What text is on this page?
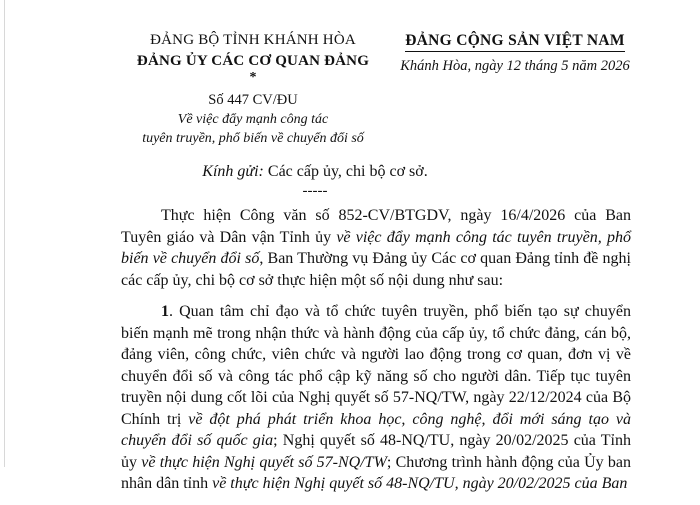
ĐẢNG BỘ TỈNH KHÁNH HÒA
ĐẢNG ỦY CÁC CƠ QUAN ĐẢNG
*
Số 447 CV/ĐU
Về việc đẩy mạnh công tác
tuyên truyền, phổ biến về chuyển đổi số
ĐẢNG CỘNG SẢN VIỆT NAM
Khánh Hòa, ngày 12 tháng 5 năm 2026
Kính gửi: Các cấp ủy, chi bộ cơ sở.
-----

Thực hiện Công văn số 852-CV/BTGDV, ngày 16/4/2026 của Ban Tuyên giáo và Dân vận Tỉnh ủy về việc đẩy mạnh công tác tuyên truyền, phổ biến về chuyển đổi số, Ban Thường vụ Đảng ủy Các cơ quan Đảng tỉnh đề nghị các cấp ủy, chi bộ cơ sở thực hiện một số nội dung như sau:

1. Quan tâm chỉ đạo và tổ chức tuyên truyền, phổ biến tạo sự chuyển biến mạnh mẽ trong nhận thức và hành động của cấp ủy, tổ chức đảng, cán bộ, đảng viên, công chức, viên chức và người lao động trong cơ quan, đơn vị về chuyển đổi số và công tác phổ cập kỹ năng số cho người dân. Tiếp tục tuyên truyền nội dung cốt lõi của Nghị quyết số 57-NQ/TW, ngày 22/12/2024 của Bộ Chính trị về đột phá phát triển khoa học, công nghệ, đổi mới sáng tạo và chuyển đổi số quốc gia; Nghị quyết số 48-NQ/TU, ngày 20/02/2025 của Tỉnh ủy về thực hiện Nghị quyết số 57-NQ/TW; Chương trình hành động của Ủy ban nhân dân tỉnh về thực hiện Nghị quyết số 48-NQ/TU, ngày 20/02/2025 của Ban
